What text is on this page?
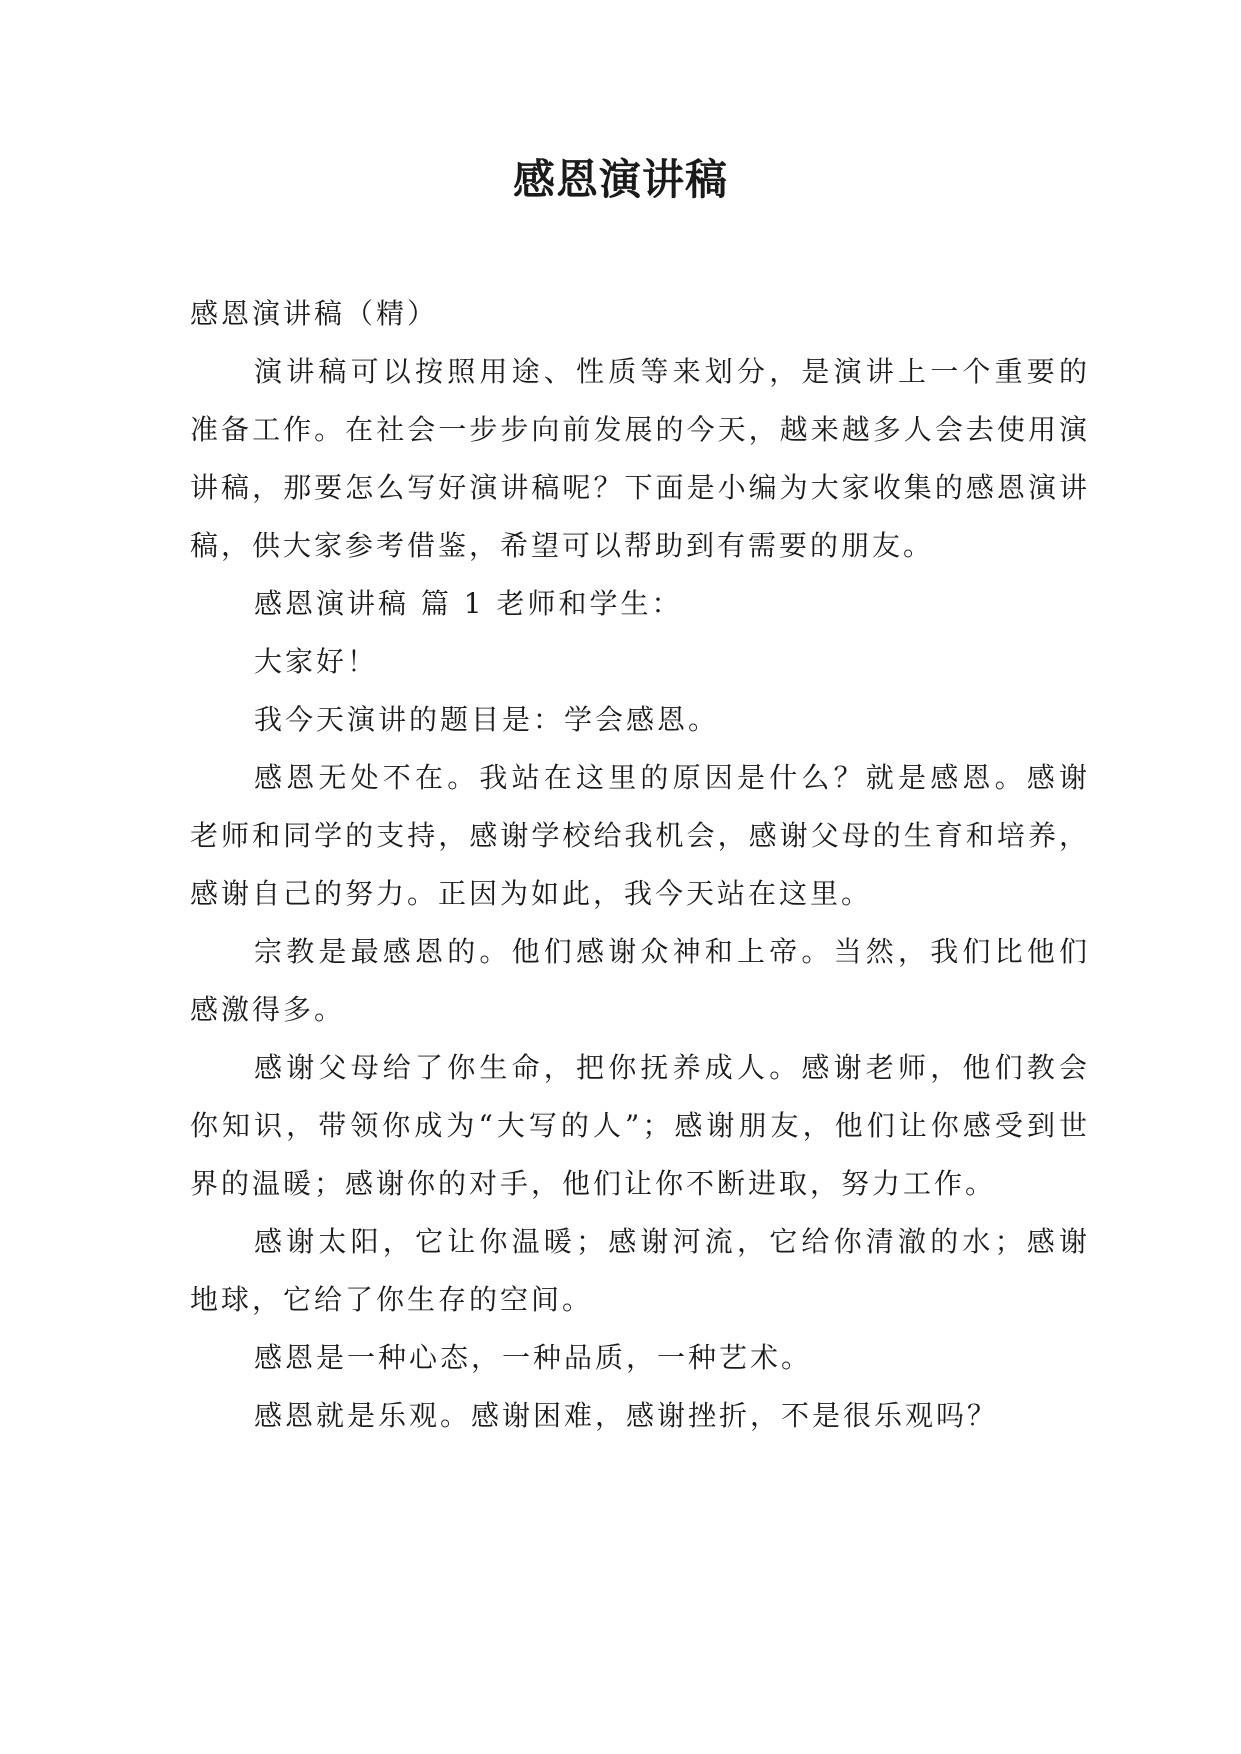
感恩演讲稿

感恩演讲稿（精）

演讲稿可以按照用途、性质等来划分，是演讲上一个重要的准备工作。在社会一步步向前发展的今天，越来越多人会去使用演讲稿，那要怎么写好演讲稿呢？下面是小编为大家收集的感恩演讲稿，供大家参考借鉴，希望可以帮助到有需要的朋友。

感恩演讲稿 篇 1 老师和学生：

大家好！

我今天演讲的题目是：学会感恩。

感恩无处不在。我站在这里的原因是什么？就是感恩。感谢老师和同学的支持，感谢学校给我机会，感谢父母的生育和培养，感谢自己的努力。正因为如此，我今天站在这里。

宗教是最感恩的。他们感谢众神和上帝。当然，我们比他们感激得多。

感谢父母给了你生命，把你抚养成人。感谢老师，他们教会你知识，带领你成为“大写的人”；感谢朋友，他们让你感受到世界的温暖；感谢你的对手，他们让你不断进取，努力工作。

感谢太阳，它让你温暖；感谢河流，它给你清澈的水；感谢地球，它给了你生存的空间。

感恩是一种心态，一种品质，一种艺术。

感恩就是乐观。感谢困难，感谢挫折，不是很乐观吗？
